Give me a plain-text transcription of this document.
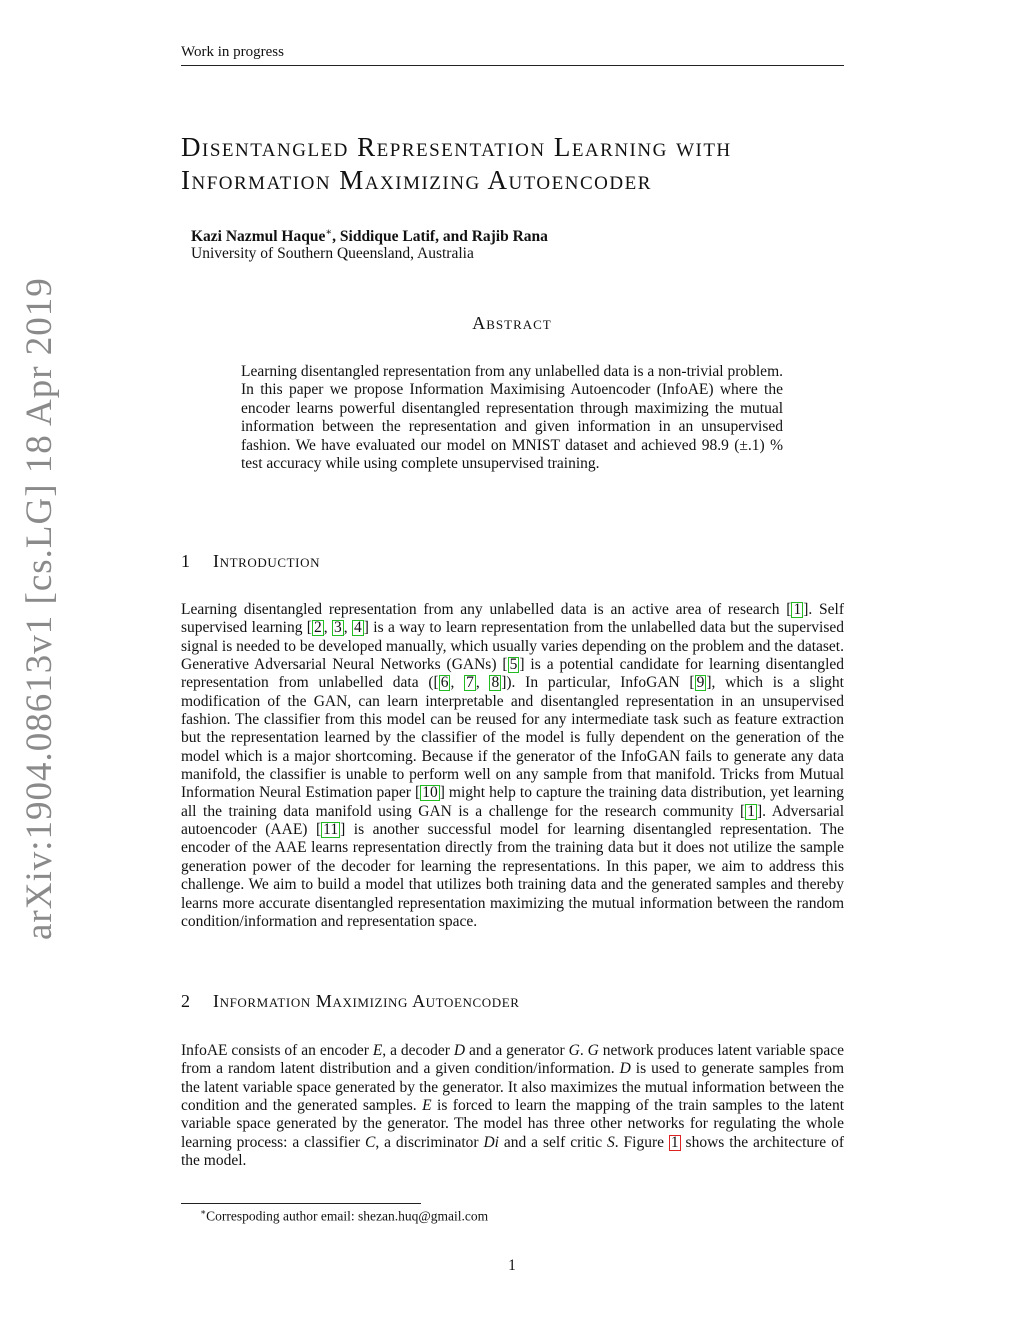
Work in progress
arXiv:1904.08613v1 [cs.LG] 18 Apr 2019
Disentangled Representation Learning with
Information Maximizing Autoencoder
Kazi Nazmul Haque∗, Siddique Latif, and Rajib Rana
University of Southern Queensland, Australia
Abstract
Learning disentangled representation from any unlabelled data is a non-trivial problem. In this paper we propose Information Maximising Autoencoder (InfoAE) where the encoder learns powerful disentangled representation through maximizing the mutual information between the representation and given information in an unsupervised fashion. We have evaluated our model on MNIST dataset and achieved 98.9 (±.1) % test accuracy while using complete unsupervised training.
1 Introduction
Learning disentangled representation from any unlabelled data is an active area of research [ 1 ]. Self supervised learning [ 2 , 3 , 4 ] is a way to learn representation from the unlabelled data but the supervised signal is needed to be developed manually, which usually varies depending on the problem and the dataset. Generative Adversarial Neural Networks (GANs) [ 5 ] is a potential candidate for learning disentangled representation from unlabelled data ([ 6 , 7 , 8 ]). In particular, InfoGAN [ 9 ], which is a slight modification of the GAN, can learn interpretable and disentangled representation in an unsupervised fashion. The classifier from this model can be reused for any intermediate task such as feature extraction but the representation learned by the classifier of the model is fully dependent on the generation of the model which is a major shortcoming. Because if the generator of the InfoGAN fails to generate any data manifold, the classifier is unable to perform well on any sample from that manifold. Tricks from Mutual Information Neural Estimation paper [ 10 ] might help to capture the training data distribution, yet learning all the training data manifold using GAN is a challenge for the research community [ 1 ]. Adversarial autoencoder (AAE) [ 11 ] is another successful model for learning disentangled representation. The encoder of the AAE learns representation directly from the training data but it does not utilize the sample generation power of the decoder for learning the representations. In this paper, we aim to address this challenge. We aim to build a model that utilizes both training data and the generated samples and thereby learns more accurate disentangled representation maximizing the mutual information between the random condition/information and representation space.
2 Information Maximizing Autoencoder
InfoAE consists of an encoder E, a decoder D and a generator G. G network produces latent variable space from a random latent distribution and a given condition/information. D is used to generate samples from the latent variable space generated by the generator. It also maximizes the mutual information between the condition and the generated samples. E is forced to learn the mapping of the train samples to the latent variable space generated by the generator. The model has three other networks for regulating the whole learning process: a classifier C, a discriminator Di and a self critic S. Figure 1 shows the architecture of the model.
∗Correspoding author email: shezan.huq@gmail.com
1
